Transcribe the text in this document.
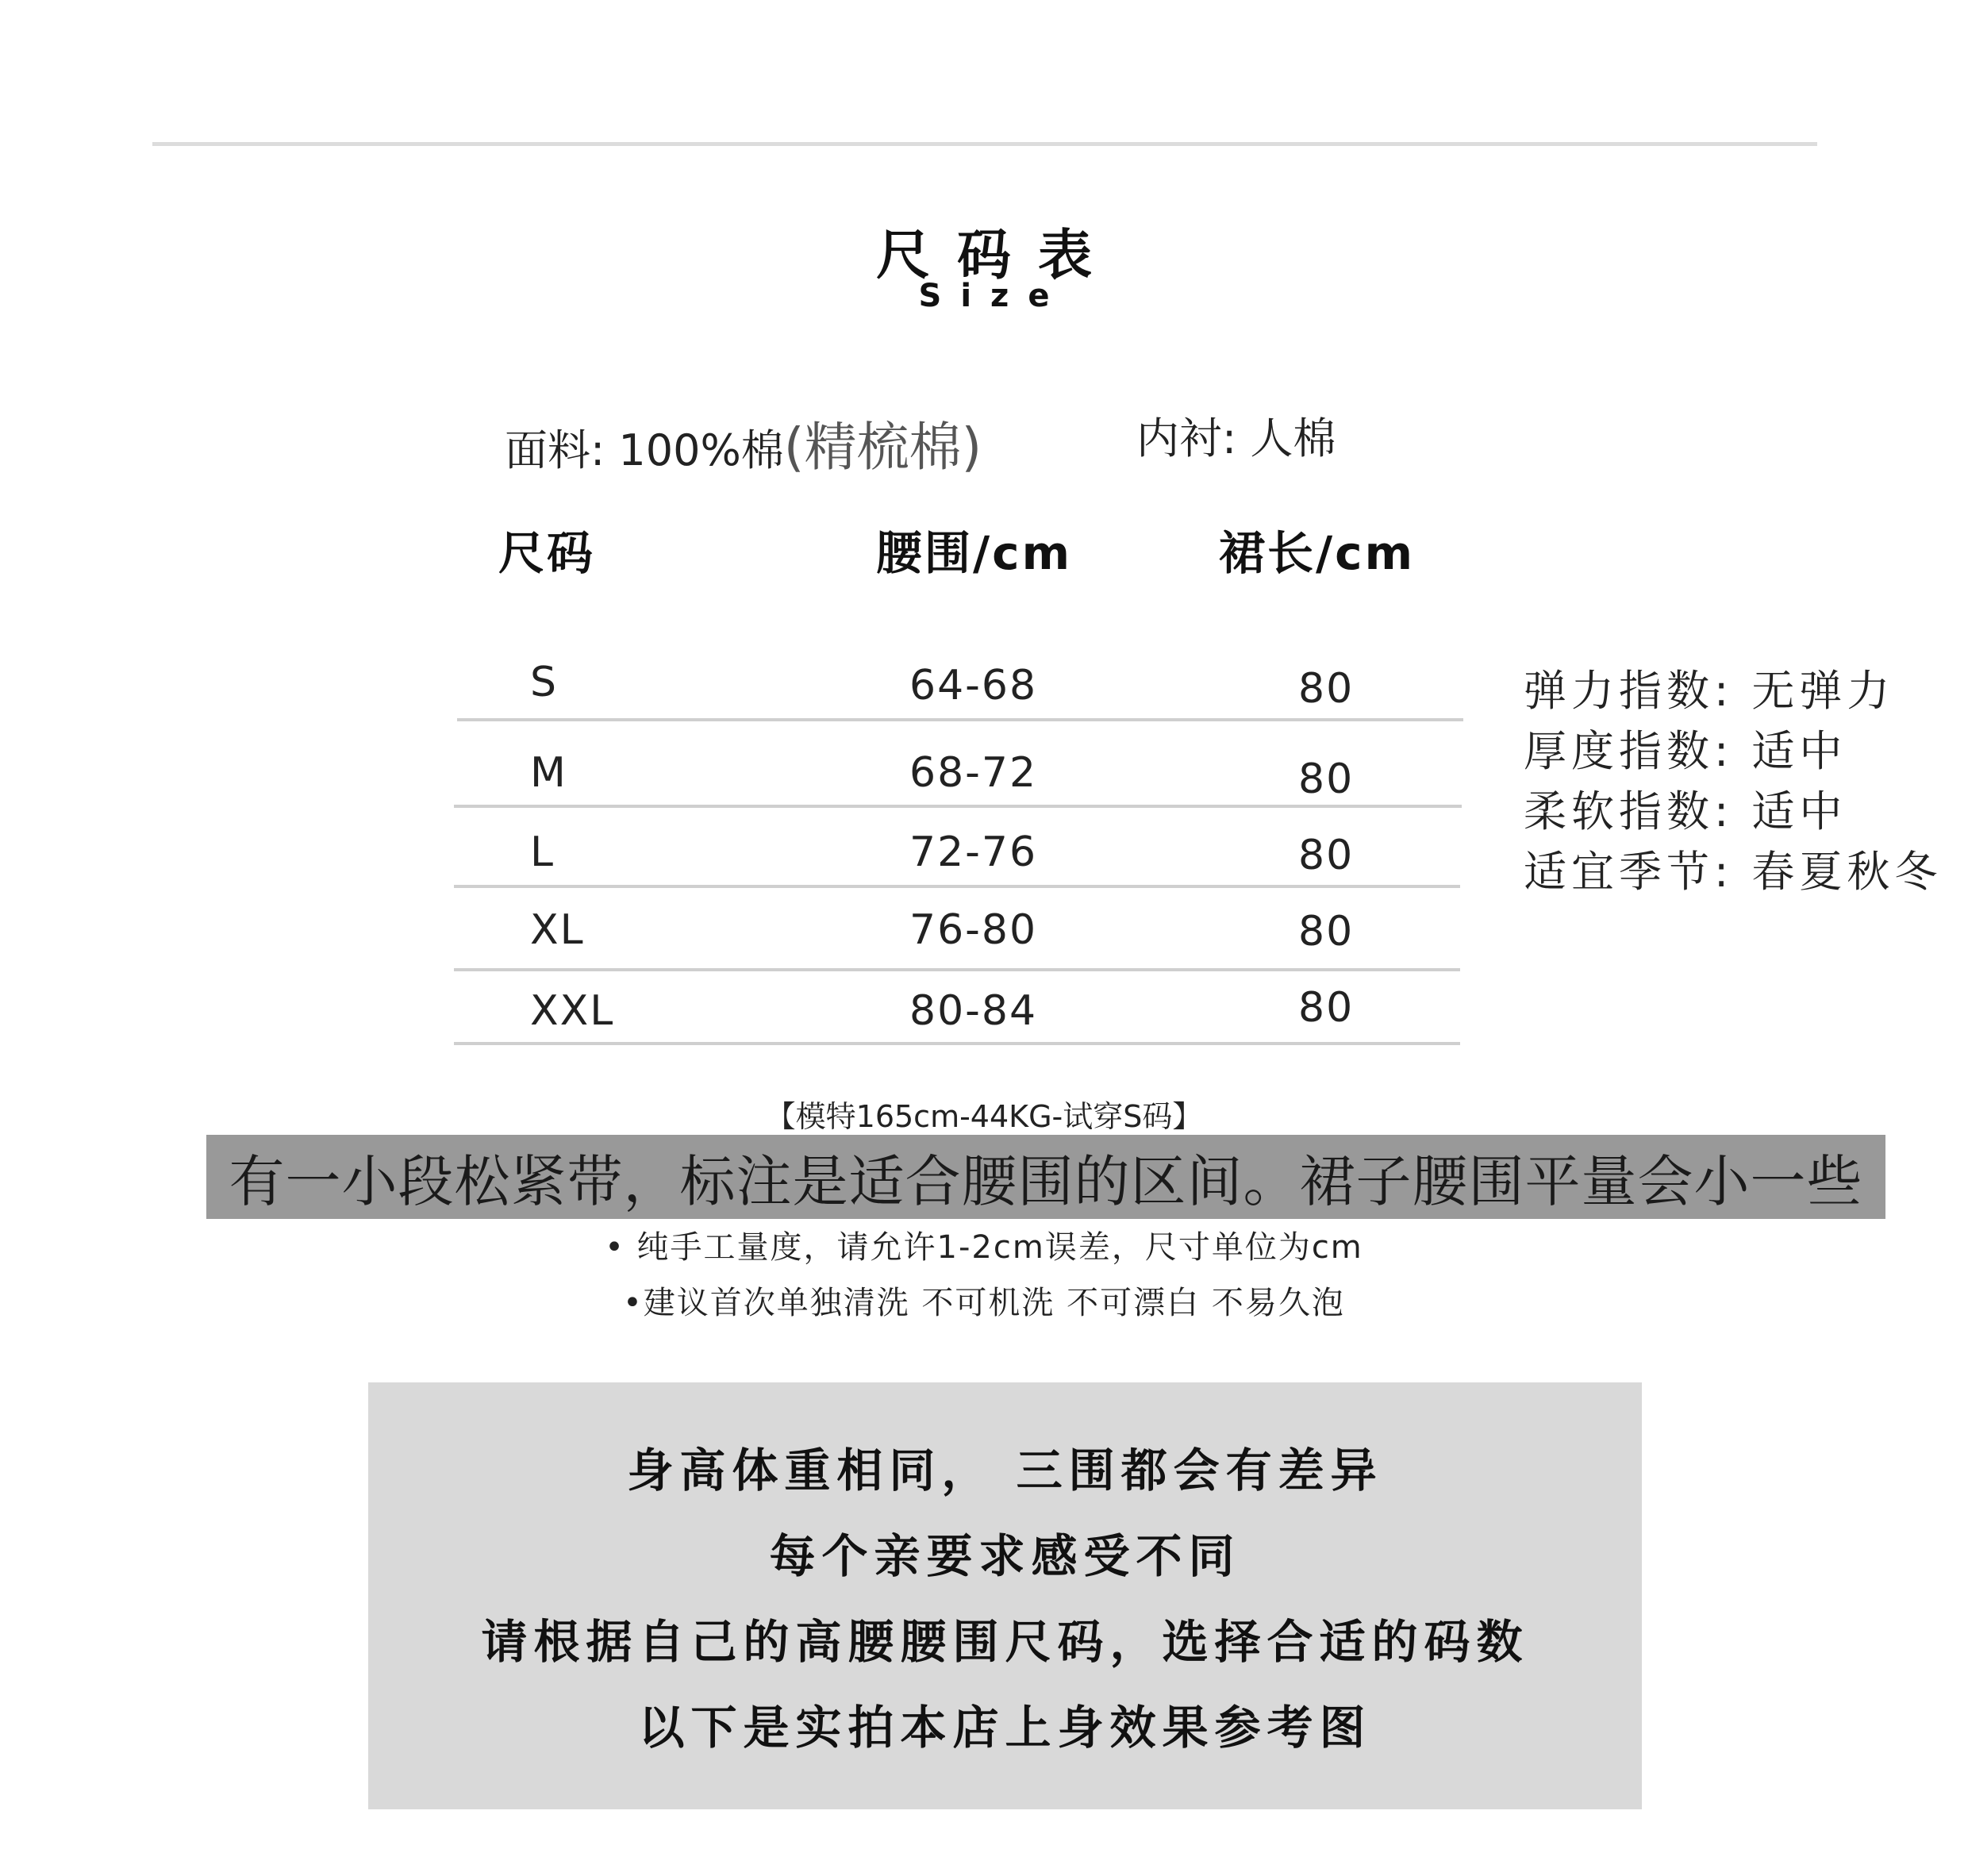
尺码表
Size
面料: 100%棉(精梳棉)	内衬: 人棉
尺码	腰围/cm	裙长/cm
S	64-68	80
M	68-72	80
L	72-76	80
XL	76-80	80
XXL	80-84	80
弹力指数: 无弹力
厚度指数: 适中
柔软指数: 适中
适宜季节: 春夏秋冬
【模特165cm-44KG-试穿S码】
有一小段松紧带，标注是适合腰围的区间。裙子腰围平量会小一些
• 纯手工量度，请允许1-2cm误差，尺寸单位为cm
•建议首次单独清洗 不可机洗 不可漂白 不易久泡
身高体重相同， 三围都会有差异
每个亲要求感受不同
请根据自己的高腰腰围尺码，选择合适的码数
以下是实拍本店上身效果参考图
